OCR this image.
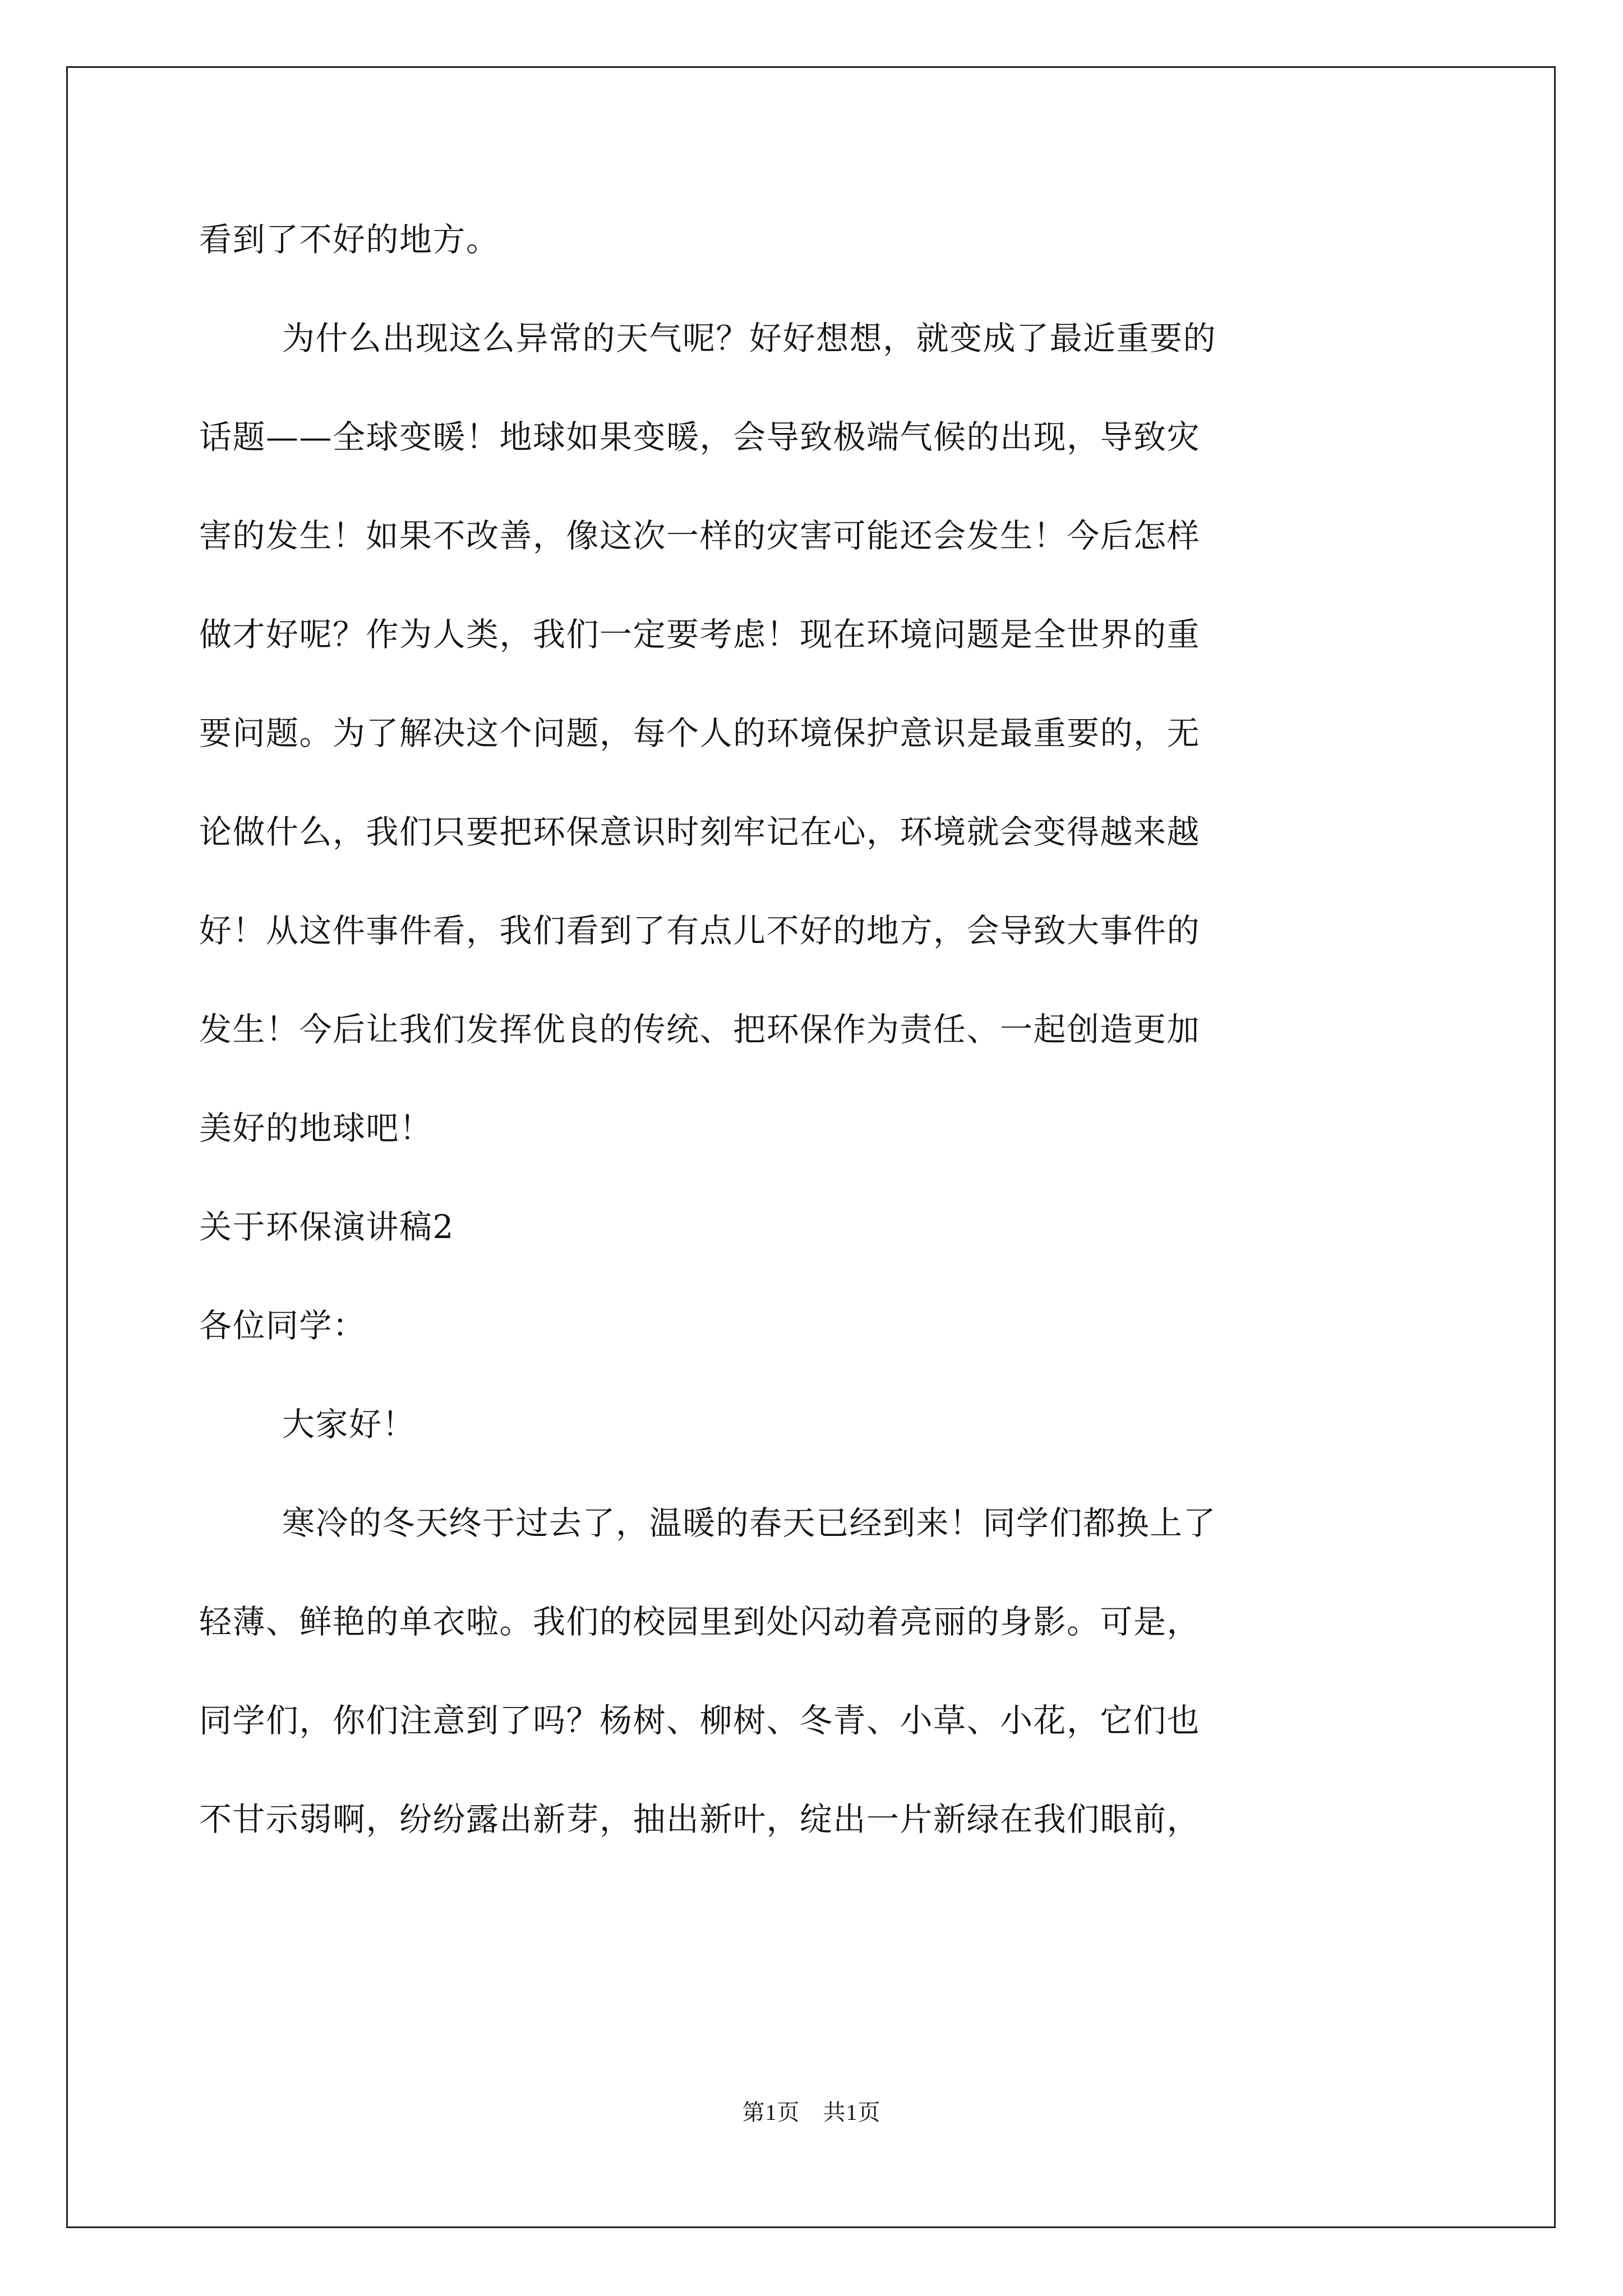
看到了不好的地方。
为什么出现这么异常的天气呢？好好想想，就变成了最近重要的
话题——全球变暖！地球如果变暖，会导致极端气候的出现，导致灾
害的发生！如果不改善，像这次一样的灾害可能还会发生！今后怎样
做才好呢？作为人类，我们一定要考虑！现在环境问题是全世界的重
要问题。为了解决这个问题，每个人的环境保护意识是最重要的，无
论做什么，我们只要把环保意识时刻牢记在心，环境就会变得越来越
好！从这件事件看，我们看到了有点儿不好的地方，会导致大事件的
发生！今后让我们发挥优良的传统、把环保作为责任、一起创造更加
美好的地球吧！
关于环保演讲稿2
各位同学：
大家好！
寒冷的冬天终于过去了，温暖的春天已经到来！同学们都换上了
轻薄、鲜艳的单衣啦。我们的校园里到处闪动着亮丽的身影。可是，
同学们，你们注意到了吗？杨树、柳树、冬青、小草、小花，它们也
不甘示弱啊，纷纷露出新芽，抽出新叶，绽出一片新绿在我们眼前，
第1页　共1页
